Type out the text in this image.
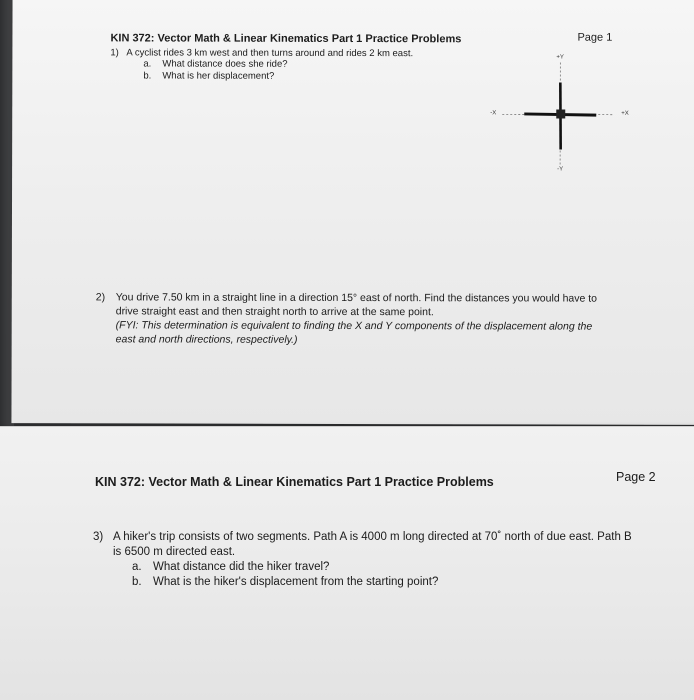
KIN 372: Vector Math & Linear Kinematics Part 1 Practice Problems	Page 1
1) A cyclist rides 3 km west and then turns around and rides 2 km east.
a. What distance does she ride?
b. What is her displacement?
+Y
-Y
-X	+X
2) You drive 7.50 km in a straight line in a direction 15° east of north. Find the distances you would have to
drive straight east and then straight north to arrive at the same point.
(FYI: This determination is equivalent to finding the X and Y components of the displacement along the
east and north directions, respectively.)
KIN 372: Vector Math & Linear Kinematics Part 1 Practice Problems	Page 2
3) A hiker's trip consists of two segments. Path A is 4000 m long directed at 70˚ north of due east. Path B
is 6500 m directed east.
a. What distance did the hiker travel?
b. What is the hiker's displacement from the starting point?
